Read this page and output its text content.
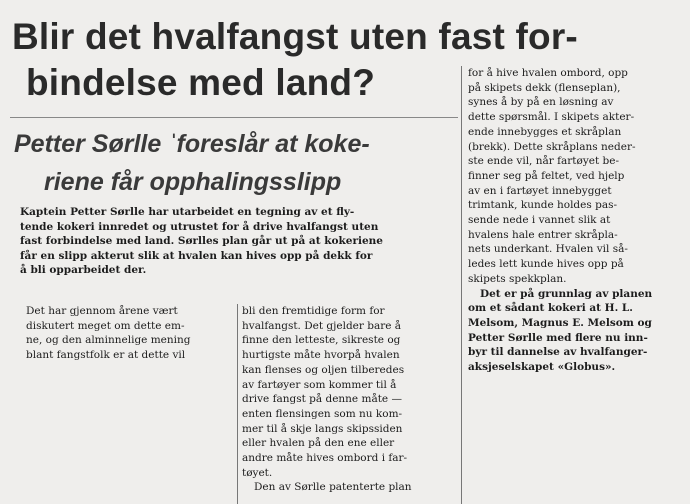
Blir det hvalfangst uten fast for-
bindelse med land?
Petter Sørlle ˈforeslår at koke-
riene får opphalingsslipp

Kaptein Petter Sørlle har utarbeidet en tegning av et fly-
tende kokeri innredet og utrustet for å drive hvalfangst uten
fast forbindelse med land. Sørlles plan går ut på at kokeriene
får en slipp akterut slik at hvalen kan hives opp på dekk for
å bli opparbeidet der.

Det har gjennom årene vært
diskutert meget om dette em-
ne, og den alminnelige mening
blant fangstfolk er at dette vil

bli den fremtidige form for
hvalfangst. Det gjelder bare å
finne den letteste, sikreste og
hurtigste måte hvorpå hvalen
kan flenses og oljen tilberedes
av fartøyer som kommer til å
drive fangst på denne måte —
enten flensingen som nu kom-
mer til å skje langs skipssiden
eller hvalen på den ene eller
andre måte hives ombord i far-
tøyet.
Den av Sørlle patenterte plan

for å hive hvalen ombord, opp
på skipets dekk (flenseplan),
synes å by på en løsning av
dette spørsmål. I skipets akter-
ende innebygges et skråplan
(brekk). Dette skråplans neder-
ste ende vil, når fartøyet be-
finner seg på feltet, ved hjelp
av en i fartøyet innebygget
trimtank, kunde holdes pas-
sende nede i vannet slik at
hvalens hale entrer skråpla-
nets underkant. Hvalen vil så-
ledes lett kunde hives opp på
skipets spekkplan.
Det er på grunnlag av planen
om et sådant kokeri at H. L.
Melsom, Magnus E. Melsom og
Petter Sørlle med flere nu inn-
byr til dannelse av hvalfanger-
aksjeselskapet «Globus».
